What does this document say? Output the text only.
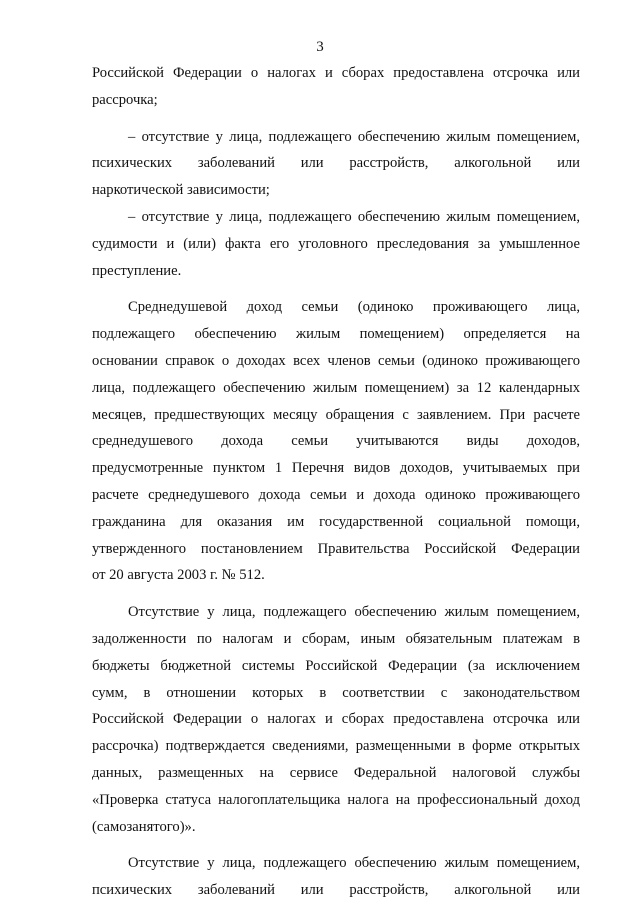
3
Российской Федерации о налогах и сборах предоставлена отсрочка или
рассрочка;
– отсутствие у лица, подлежащего обеспечению жилым помещением,
психических заболеваний или расстройств, алкогольной или
наркотической зависимости;
– отсутствие у лица, подлежащего обеспечению жилым помещением,
судимости и (или) факта его уголовного преследования за умышленное
преступление.
Среднедушевой доход семьи (одиноко проживающего лица,
подлежащего обеспечению жилым помещением) определяется на
основании справок о доходах всех членов семьи (одиноко проживающего
лица, подлежащего обеспечению жилым помещением) за 12 календарных
месяцев, предшествующих месяцу обращения с заявлением. При расчете
среднедушевого дохода семьи учитываются виды доходов,
предусмотренные пунктом 1 Перечня видов доходов, учитываемых при
расчете среднедушевого дохода семьи и дохода одиноко проживающего
гражданина для оказания им государственной социальной помощи,
утвержденного постановлением Правительства Российской Федерации
от 20 августа 2003 г. № 512.
Отсутствие у лица, подлежащего обеспечению жилым помещением,
задолженности по налогам и сборам, иным обязательным платежам в
бюджеты бюджетной системы Российской Федерации (за исключением
сумм, в отношении которых в соответствии с законодательством
Российской Федерации о налогах и сборах предоставлена отсрочка или
рассрочка) подтверждается сведениями, размещенными в форме открытых
данных, размещенных на сервисе Федеральной налоговой службы
«Проверка статуса налогоплательщика налога на профессиональный доход
(самозанятого)».
Отсутствие у лица, подлежащего обеспечению жилым помещением,
психических заболеваний или расстройств, алкогольной или
